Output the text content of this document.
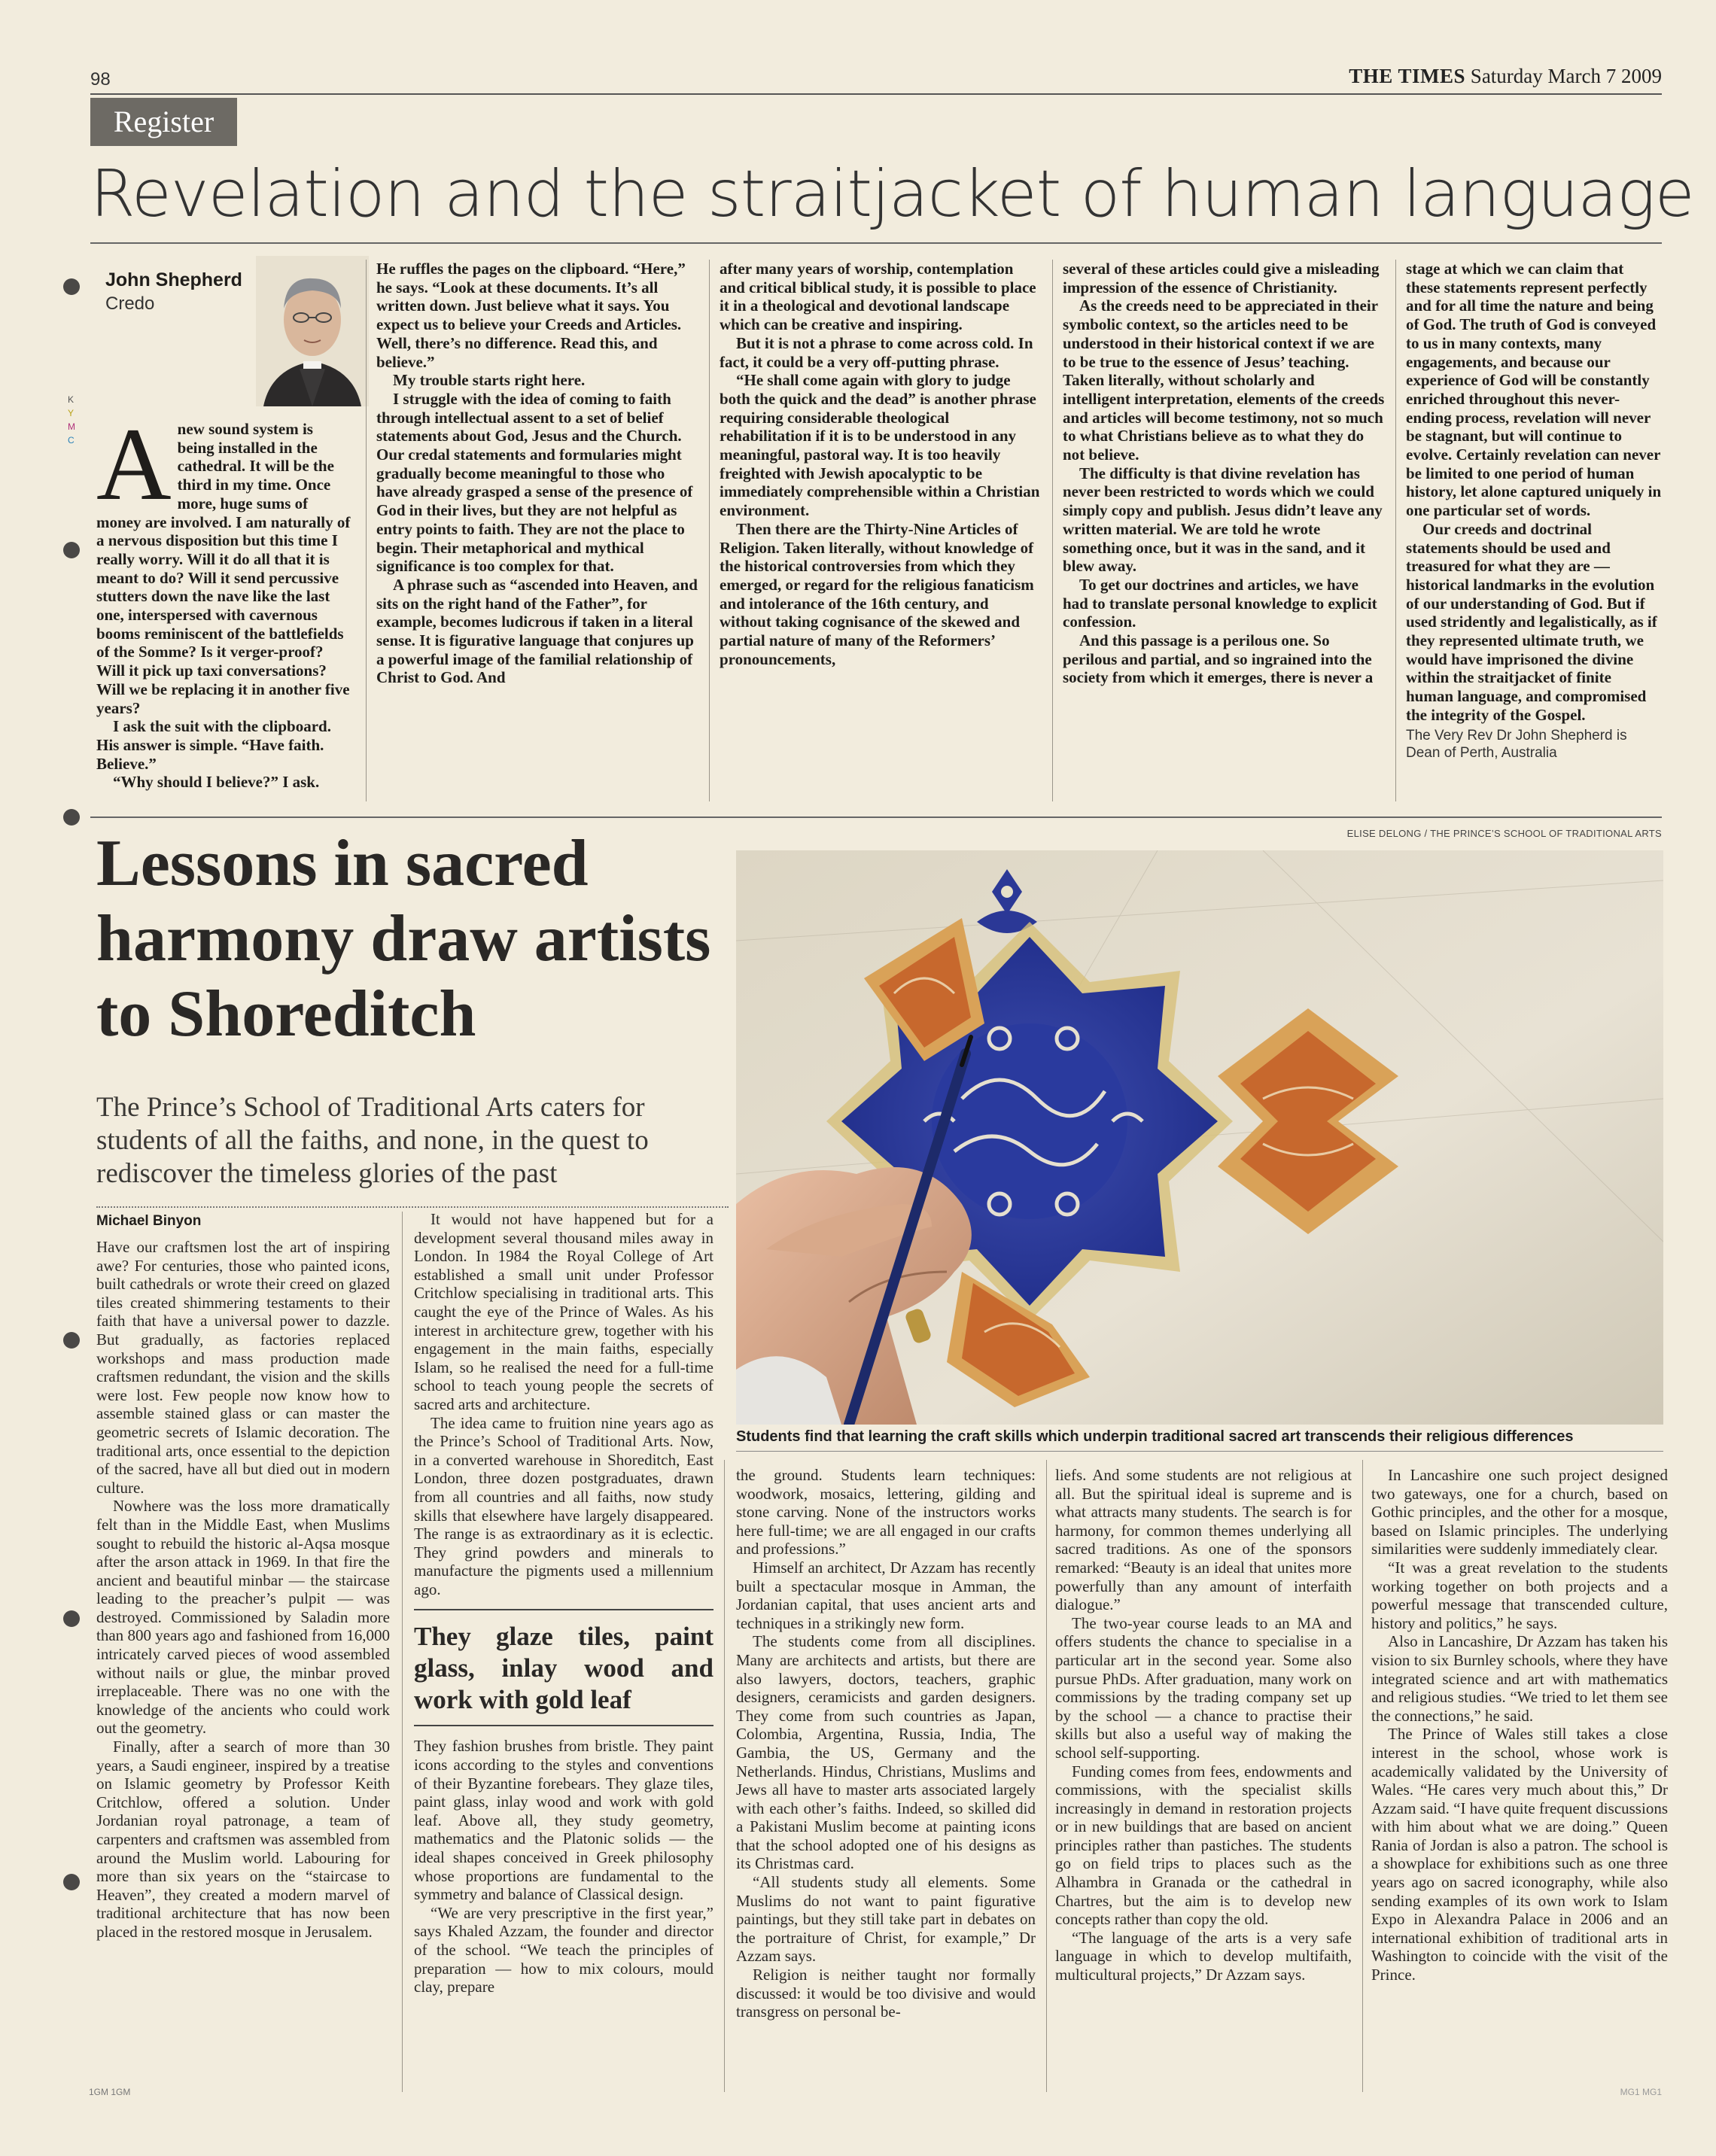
98	THE TIMES Saturday March 7 2009
Register
Revelation and the straitjacket of human language
K
Y
M
C
John Shepherd
Credo

Anew sound system is being installed in the cathedral. It will be the third in my time. Once more, huge sums of money are involved. I am naturally of a nervous disposition but this time I really worry. Will it do all that it is meant to do? Will it send percussive stutters down the nave like the last one, interspersed with cavernous booms reminiscent of the battlefields of the Somme? Is it verger-proof? Will it pick up taxi conversations? Will we be replacing it in another five years?

I ask the suit with the clipboard. His answer is simple. “Have faith. Believe.”

“Why should I believe?” I ask.

He ruffles the pages on the clipboard. “Here,” he says. “Look at these documents. It’s all written down. Just believe what it says. You expect us to believe your Creeds and Articles. Well, there’s no difference. Read this, and believe.”

My trouble starts right here.

I struggle with the idea of coming to faith through intellectual assent to a set of belief statements about God, Jesus and the Church. Our credal statements and formularies might gradually become meaningful to those who have already grasped a sense of the presence of God in their lives, but they are not helpful as entry points to faith. They are not the place to begin. Their metaphorical and mythical significance is too complex for that.

A phrase such as “ascended into Heaven, and sits on the right hand of the Father”, for example, becomes ludicrous if taken in a literal sense. It is figurative language that conjures up a powerful image of the familial relationship of Christ to God. And

after many years of worship, contemplation and critical biblical study, it is possible to place it in a theological and devotional landscape which can be creative and inspiring.

But it is not a phrase to come across cold. In fact, it could be a very off-putting phrase.

“He shall come again with glory to judge both the quick and the dead” is another phrase requiring considerable theological rehabilitation if it is to be understood in any meaningful, pastoral way. It is too heavily freighted with Jewish apocalyptic to be immediately comprehensible within a Christian environment.

Then there are the Thirty-Nine Articles of Religion. Taken literally, without knowledge of the historical controversies from which they emerged, or regard for the religious fanaticism and intolerance of the 16th century, and without taking cognisance of the skewed and partial nature of many of the Reformers’ pronouncements,

several of these articles could give a misleading impression of the essence of Christianity.

As the creeds need to be appreciated in their symbolic context, so the articles need to be understood in their historical context if we are to be true to the essence of Jesus’ teaching. Taken literally, without scholarly and intelligent interpretation, elements of the creeds and articles will become testimony, not so much to what Christians believe as to what they do not believe.

The difficulty is that divine revelation has never been restricted to words which we could simply copy and publish. Jesus didn’t leave any written material. We are told he wrote something once, but it was in the sand, and it blew away.

To get our doctrines and articles, we have had to translate personal knowledge to explicit confession.

And this passage is a perilous one. So perilous and partial, and so ingrained into the society from which it emerges, there is never a

stage at which we can claim that these statements represent perfectly and for all time the nature and being of God. The truth of God is conveyed to us in many contexts, many engagements, and because our experience of God will be constantly enriched throughout this never-ending process, revelation will never be stagnant, but will continue to evolve. Certainly revelation can never be limited to one period of human history, let alone captured uniquely in one particular set of words.

Our creeds and doctrinal statements should be used and treasured for what they are — historical landmarks in the evolution of our understanding of God. But if used stridently and legalistically, as if they represented ultimate truth, we would have imprisoned the divine within the straitjacket of finite human language, and compromised the integrity of the Gospel.

The Very Rev Dr John Shepherd is Dean of Perth, Australia
ELISE DELONG / THE PRINCE’S SCHOOL OF TRADITIONAL ARTS
Lessons in sacred harmony draw artists to Shoreditch
The Prince’s School of Traditional Arts caters for students of all the faiths, and none, in the quest to rediscover the timeless glories of the past
Michael Binyon
Students find that learning the craft skills which underpin traditional sacred art transcends their religious differences

Have our craftsmen lost the art of inspiring awe? For centuries, those who painted icons, built cathedrals or wrote their creed on glazed tiles created shimmering testaments to their faith that have a universal power to dazzle. But gradually, as factories replaced workshops and mass production made craftsmen redundant, the vision and the skills were lost. Few people now know how to assemble stained glass or can master the geometric secrets of Islamic decoration. The traditional arts, once essential to the depiction of the sacred, have all but died out in modern culture.

Nowhere was the loss more dramatically felt than in the Middle East, when Muslims sought to rebuild the historic al-Aqsa mosque after the arson attack in 1969. In that fire the ancient and beautiful minbar — the staircase leading to the preacher’s pulpit — was destroyed. Commissioned by Saladin more than 800 years ago and fashioned from 16,000 intricately carved pieces of wood assembled without nails or glue, the minbar proved irreplaceable. There was no one with the knowledge of the ancients who could work out the geometry.

Finally, after a search of more than 30 years, a Saudi engineer, inspired by a treatise on Islamic geometry by Professor Keith Critchlow, offered a solution. Under Jordanian royal patronage, a team of carpenters and craftsmen was assembled from around the Muslim world. Labouring for more than six years on the “staircase to Heaven”, they created a modern marvel of traditional architecture that has now been placed in the restored mosque in Jerusalem.

It would not have happened but for a development several thousand miles away in London. In 1984 the Royal College of Art established a small unit under Professor Critchlow specialising in traditional arts. This caught the eye of the Prince of Wales. As his interest in architecture grew, together with his engagement in the main faiths, especially Islam, so he realised the need for a full-time school to teach young people the secrets of sacred arts and architecture.

The idea came to fruition nine years ago as the Prince’s School of Traditional Arts. Now, in a converted warehouse in Shoreditch, East London, three dozen postgraduates, drawn from all countries and all faiths, now study skills that elsewhere have largely disappeared. The range is as extraordinary as it is eclectic. They grind powders and minerals to manufacture the pigments used a millennium ago.

They glaze tiles, paint glass, inlay wood and work with gold leaf

They fashion brushes from bristle. They paint icons according to the styles and conventions of their Byzantine forebears. They glaze tiles, paint glass, inlay wood and work with gold leaf. Above all, they study geometry, mathematics and the Platonic solids — the ideal shapes conceived in Greek philosophy whose proportions are fundamental to the symmetry and balance of Classical design.

“We are very prescriptive in the first year,” says Khaled Azzam, the founder and director of the school. “We teach the principles of preparation — how to mix colours, mould clay, prepare

the ground. Students learn techniques: woodwork, mosaics, lettering, gilding and stone carving. None of the instructors works here full-time; we are all engaged in our crafts and professions.”

Himself an architect, Dr Azzam has recently built a spectacular mosque in Amman, the Jordanian capital, that uses ancient arts and techniques in a strikingly new form.

The students come from all disciplines. Many are architects and artists, but there are also lawyers, doctors, teachers, graphic designers, ceramicists and garden designers. They come from such countries as Japan, Colombia, Argentina, Russia, India, The Gambia, the US, Germany and the Netherlands. Hindus, Christians, Muslims and Jews all have to master arts associated largely with each other’s faiths. Indeed, so skilled did a Pakistani Muslim become at painting icons that the school adopted one of his designs as its Christmas card.

“All students study all elements. Some Muslims do not want to paint figurative paintings, but they still take part in debates on the portraiture of Christ, for example,” Dr Azzam says.

Religion is neither taught nor formally discussed: it would be too divisive and would transgress on personal be-

liefs. And some students are not religious at all. But the spiritual ideal is supreme and is what attracts many students. The search is for harmony, for common themes underlying all sacred traditions. As one of the sponsors remarked: “Beauty is an ideal that unites more powerfully than any amount of interfaith dialogue.”

The two-year course leads to an MA and offers students the chance to specialise in a particular art in the second year. Some also pursue PhDs. After graduation, many work on commissions by the trading company set up by the school — a chance to practise their skills but also a useful way of making the school self-supporting.

Funding comes from fees, endowments and commissions, with the specialist skills increasingly in demand in restoration projects or in new buildings that are based on ancient principles rather than pastiches. The students go on field trips to places such as the Alhambra in Granada or the cathedral in Chartres, but the aim is to develop new concepts rather than copy the old.

“The language of the arts is a very safe language in which to develop multifaith, multicultural projects,” Dr Azzam says.

In Lancashire one such project designed two gateways, one for a church, based on Gothic principles, and the other for a mosque, based on Islamic principles. The underlying similarities were suddenly immediately clear.

“It was a great revelation to the students working together on both projects and a powerful message that transcended culture, history and politics,” he says.

Also in Lancashire, Dr Azzam has taken his vision to six Burnley schools, where they have integrated science and art with mathematics and religious studies. “We tried to let them see the connections,” he said.

The Prince of Wales still takes a close interest in the school, whose work is academically validated by the University of Wales. “He cares very much about this,” Dr Azzam said. “I have quite frequent discussions with him about what we are doing.” Queen Rania of Jordan is also a patron. The school is a showplace for exhibitions such as one three years ago on sacred iconography, while also sending examples of its own work to Islam Expo in Alexandra Palace in 2006 and an international exhibition of traditional arts in Washington to coincide with the visit of the Prince.

1GM 1GM	MG1 MG1
